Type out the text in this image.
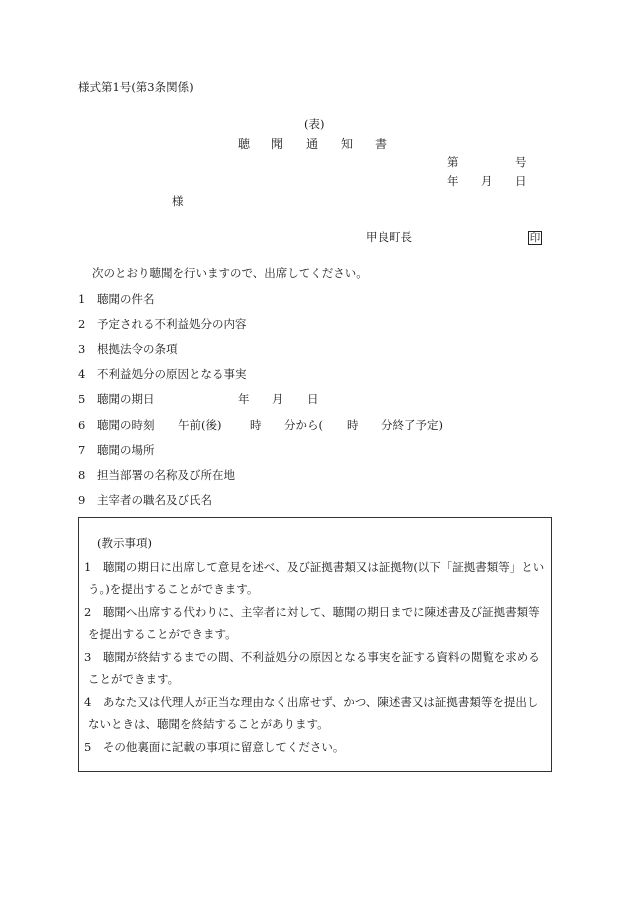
様式第1号(第3条関係)
(表)
聴 聞 通 知 書
第	号
年 月 日
様
甲良町長	印
次のとおり聴聞を行いますので、出席してください。
1 聴聞の件名
2 予定される不利益処分の内容
3 根拠法令の条項
4 不利益処分の原因となる事実
5 聴聞の期日	年 月 日
6 聴聞の時刻 午前(後) 時 分から( 時 分終了予定)
7 聴聞の場所
8 担当部署の名称及び所在地
9 主宰者の職名及び氏名
(教示事項)
1　聴聞の期日に出席して意見を述べ、及び証拠書類又は証拠物(以下「証拠書類等」とい
う。)を提出することができます。
2　聴聞へ出席する代わりに、主宰者に対して、聴聞の期日までに陳述書及び証拠書類等
を提出することができます。
3　聴聞が終結するまでの間、不利益処分の原因となる事実を証する資料の閲覧を求める
ことができます。
4　あなた又は代理人が正当な理由なく出席せず、かつ、陳述書又は証拠書類等を提出し
ないときは、聴聞を終結することがあります。
5　その他裏面に記載の事項に留意してください。
